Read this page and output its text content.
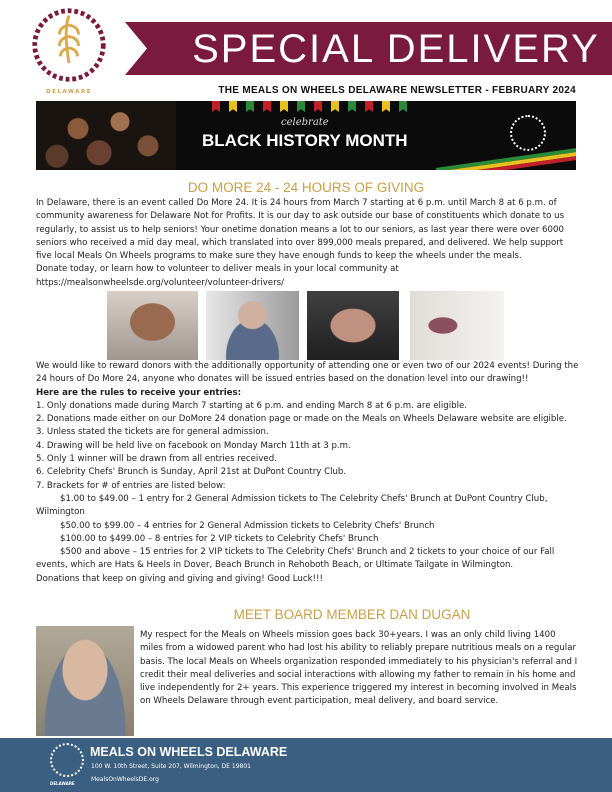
DELAWARE
SPECIAL DELIVERY
THE MEALS ON WHEELS DELAWARE NEWSLETTER - FEBRUARY 2024
celebrate
BLACK HISTORY MONTH
DO MORE 24 - 24 HOURS OF GIVING
In Delaware, there is an event called Do More 24. It is 24 hours from March 7 starting at 6 p.m. until March 8 at 6 p.m. of community awareness for Delaware Not for Profits. It is our day to ask outside our base of constituents which donate to us regularly, to assist us to help seniors! Your onetime donation means a lot to our seniors, as last year there were over 6000 seniors who received a mid day meal, which translated into over 899,000 meals prepared, and delivered. We help support five local Meals On Wheels programs to make sure they have enough funds to keep the wheels under the meals.
Donate today, or learn how to volunteer to deliver meals in your local community at https://mealsonwheelsde.org/volunteer/volunteer-drivers/
We would like to reward donors with the additionally opportunity of attending one or even two of our 2024 events! During the 24 hours of Do More 24, anyone who donates will be issued entries based on the donation level into our drawing!!
Here are the rules to receive your entries:
1. Only donations made during March 7 starting at 6 p.m. and ending March 8 at 6 p.m. are eligible.
2. Donations made either on our DoMore 24 donation page or made on the Meals on Wheels Delaware website are eligible.
3. Unless stated the tickets are for general admission.
4. Drawing will be held live on facebook on Monday March 11th at 3 p.m.
5. Only 1 winner will be drawn from all entries received.
6. Celebrity Chefs' Brunch is Sunday, April 21st at DuPont Country Club.
7. Brackets for # of entries are listed below:
$1.00 to $49.00 – 1 entry for 2 General Admission tickets to The Celebrity Chefs' Brunch at DuPont Country Club, Wilmington
$50.00 to $99.00 – 4 entries for 2 General Admission tickets to Celebrity Chefs' Brunch
$100.00 to $499.00 – 8 entries for 2 VIP tickets to Celebrity Chefs' Brunch
$500 and above – 15 entries for 2 VIP tickets to The Celebrity Chefs' Brunch and 2 tickets to your choice of our Fall events, which are Hats & Heels in Dover, Beach Brunch in Rehoboth Beach, or Ultimate Tailgate in Wilmington.
Donations that keep on giving and giving and giving! Good Luck!!!
MEET BOARD MEMBER DAN DUGAN
My respect for the Meals on Wheels mission goes back 30+years. I was an only child living 1400 miles from a widowed parent who had lost his ability to reliably prepare nutritious meals on a regular basis. The local Meals on Wheels organization responded immediately to his physician's referral and I credit their meal deliveries and social interactions with allowing my father to remain in his home and live independently for 2+ years. This experience triggered my interest in becoming involved in Meals on Wheels Delaware through event participation, meal delivery, and board service.
DELAWARE
MEALS ON WHEELS DELAWARE
100 W. 10th Street, Suite 207, Wilmington, DE 19801
MealsOnWheelsDE.org
